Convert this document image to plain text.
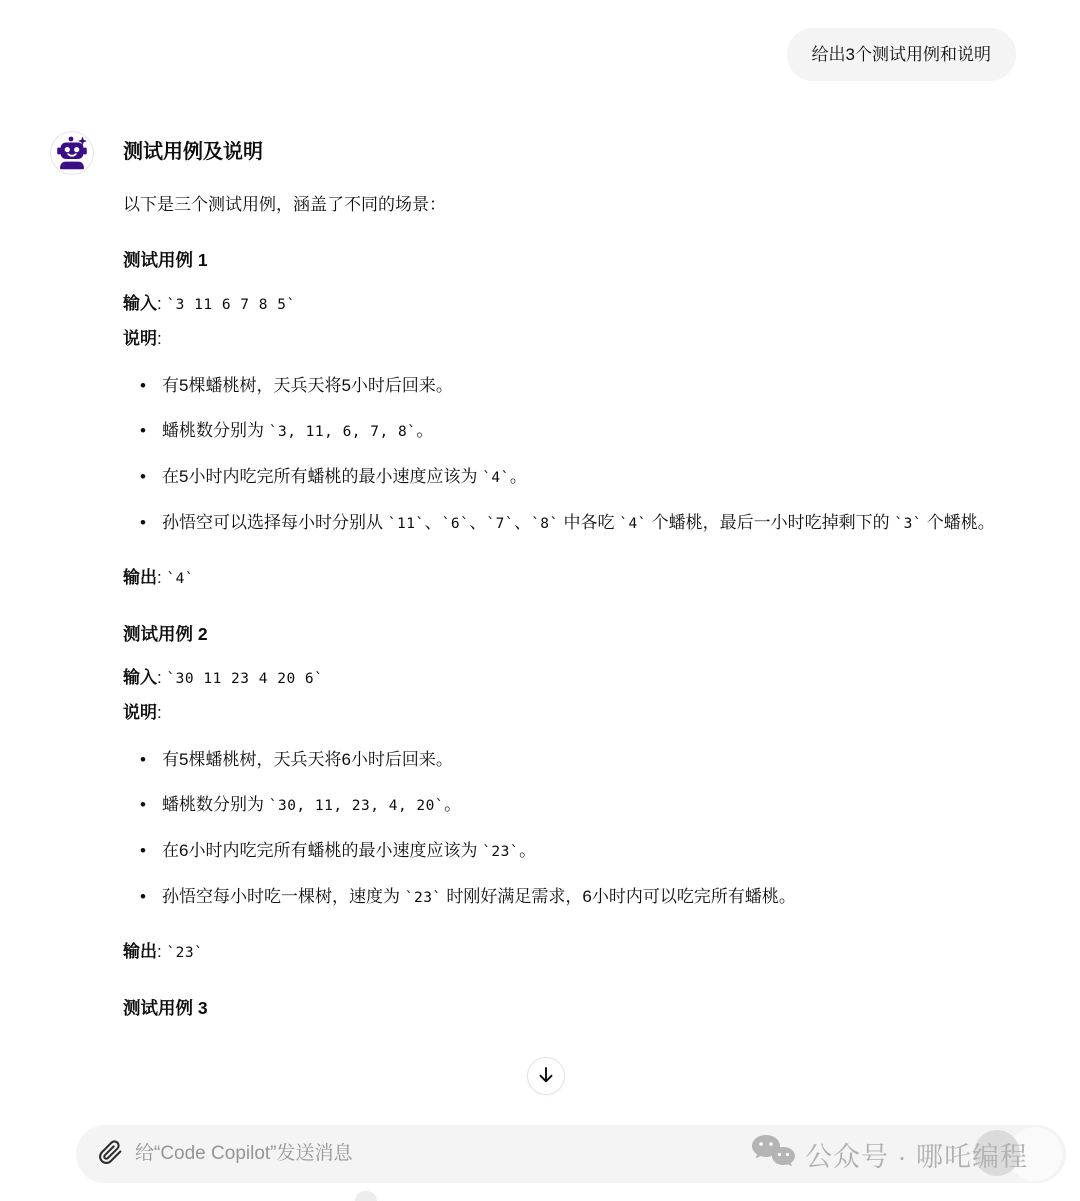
给出3个测试用例和说明
测试用例及说明

以下是三个测试用例，涵盖了不同的场景：

测试用例 1

输入: `3 11 6 7 8 5`
说明:

• 有5棵蟠桃树，天兵天将5小时后回来。
• 蟠桃数分别为 `3, 11, 6, 7, 8`。
• 在5小时内吃完所有蟠桃的最小速度应该为 `4`。
• 孙悟空可以选择每小时分别从 `11`、`6`、`7`、`8` 中各吃 `4` 个蟠桃，最后一小时吃掉剩下的 `3` 个蟠桃。

输出: `4`

测试用例 2

输入: `30 11 23 4 20 6`
说明:

• 有5棵蟠桃树，天兵天将6小时后回来。
• 蟠桃数分别为 `30, 11, 23, 4, 20`。
• 在6小时内吃完所有蟠桃的最小速度应该为 `23`。
• 孙悟空每小时吃一棵树，速度为 `23` 时刚好满足需求，6小时内可以吃完所有蟠桃。

输出: `23`

测试用例 3
给“Code Copilot”发送消息
公众号 · 哪吒编程
